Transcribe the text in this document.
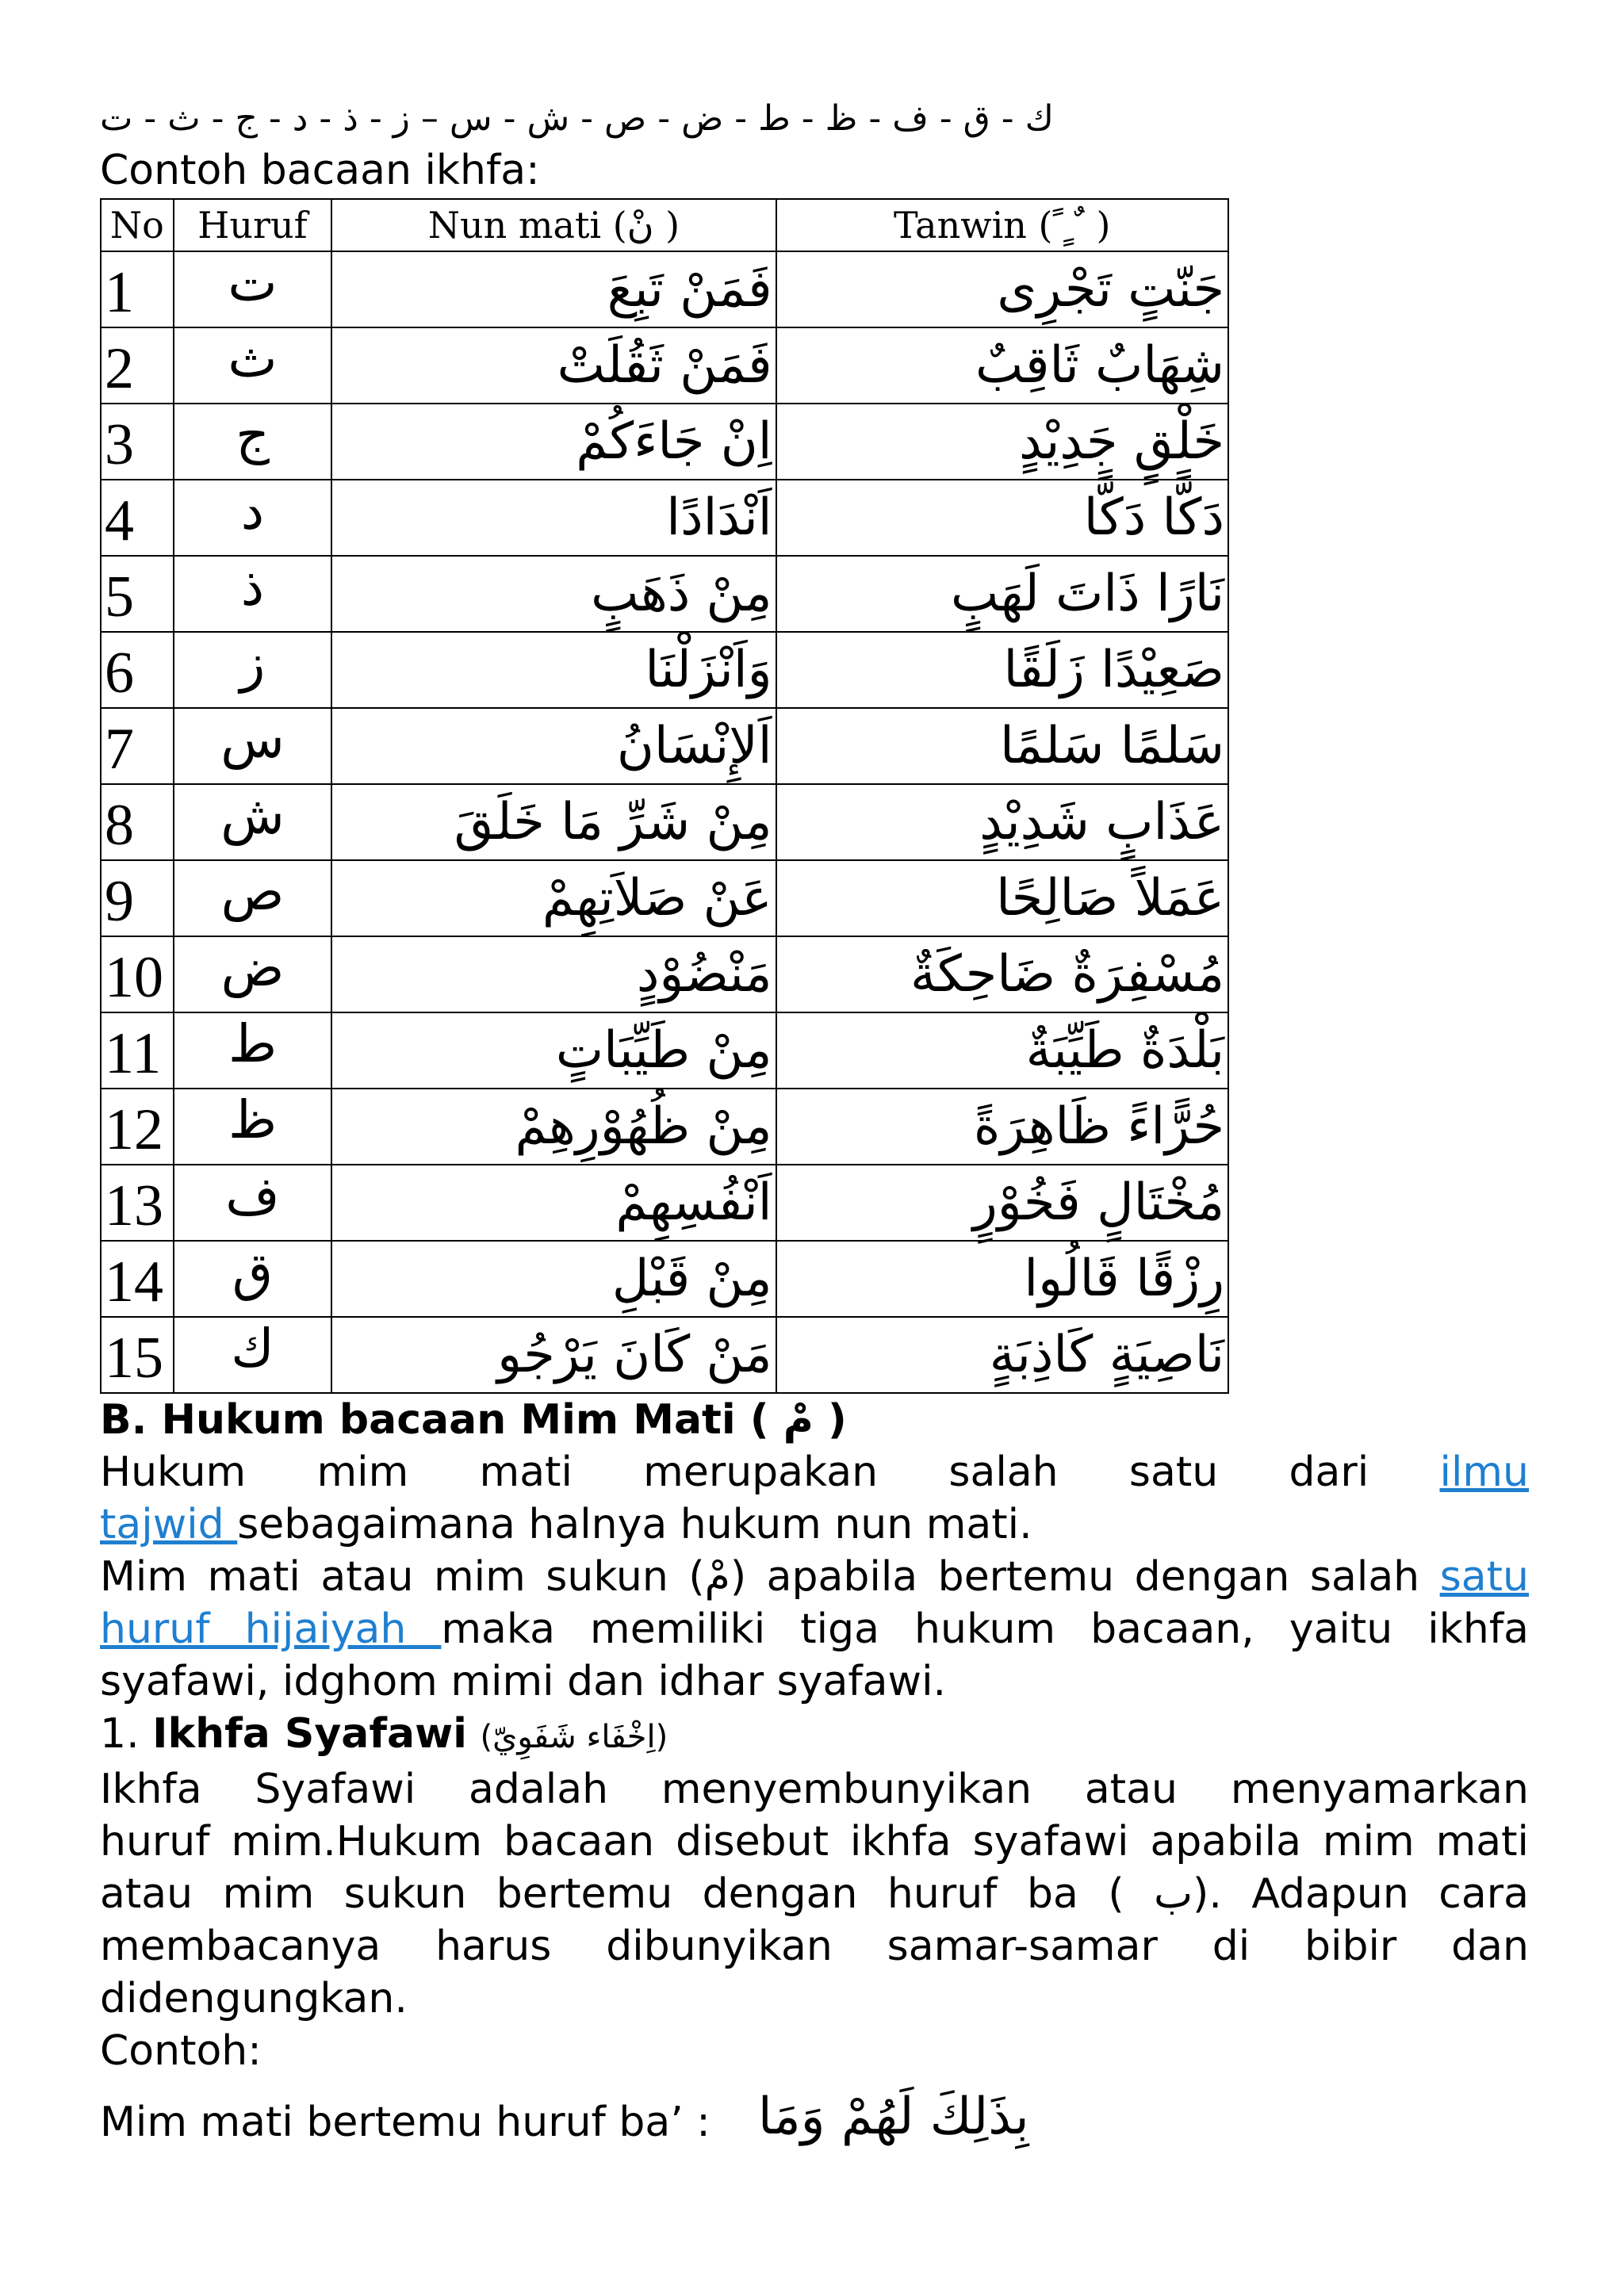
ك - ق - ف - ظ - ط - ض - ص - ش - س – ز - ذ - د - ج - ث - ت
Contoh bacaan ikhfa:
No	Huruf	Nun mati (نْ )	Tanwin ( ً ٍ ٌ )
1	ت	فَمَنْ تَبِعَ	جَنّتٍ تَجْرِى
2	ث	فَمَنْ ثَقُلَتْ	شِهَابٌ ثَاقِبٌ
3	ج	اِنْ جَاءَكُمْ	خَلْقٍ جَدِيْدٍ
4	د	اَنْدَادًا	دَكًّا دَكًّا
5	ذ	مِنْ ذَهَبٍ	نَارًا ذَاتَ لَهَبٍ
6	ز	وَاَنْزَلْنَا	صَعِيْدًا زَلَقًا
7	س	اَلإِنْسَانُ	سَلمًا سَلمًا
8	ش	مِنْ شَرِّ مَا خَلَقَ	عَذَابٍ شَدِيْدٍ
9	ص	عَنْ صَلاَتِهِمْ	عَمَلاً صَالِحًا
10	ض	مَنْضُوْدٍ	مُسْفِرَةٌ ضَاحِكَةٌ
11	ط	مِنْ طَيِّبَاتٍ	بَلْدَةٌ طَيِّبَةٌ
12	ظ	مِنْ ظُهُوْرِهِمْ	حُرًّاءً ظَاهِرَةً
13	ف	اَنْفُسِهِمْ	مُخْتَالٍ فَخُوْرٍ
14	ق	مِنْ قَبْلِ	رِزْقًا قَالُوا
15	ك	مَنْ كَانَ يَرْجُو	نَاصِيَةٍ كَاذِبَةٍ
B. Hukum bacaan Mim Mati ( مْ )

Hukum mim mati merupakan salah satu dari ilmu

tajwid sebagaimana halnya hukum nun mati.

Mim mati atau mim sukun (مْ) apabila bertemu dengan salah satu

huruf hijaiyah maka memiliki tiga hukum bacaan, yaitu ikhfa

syafawi, idghom mimi dan idhar syafawi.

1. Ikhfa Syafawi (اِخْفَاء شَفَوِيّ)

Ikhfa Syafawi adalah menyembunyikan atau menyamarkan

huruf mim.Hukum bacaan disebut ikhfa syafawi apabila mim mati

atau mim sukun bertemu dengan huruf ba ( ب). Adapun cara

membacanya harus dibunyikan samar-samar di bibir dan

didengungkan.

Contoh:

Mim mati bertemu huruf ba’ : بِذَلِكَ لَهُمْ وَمَا
